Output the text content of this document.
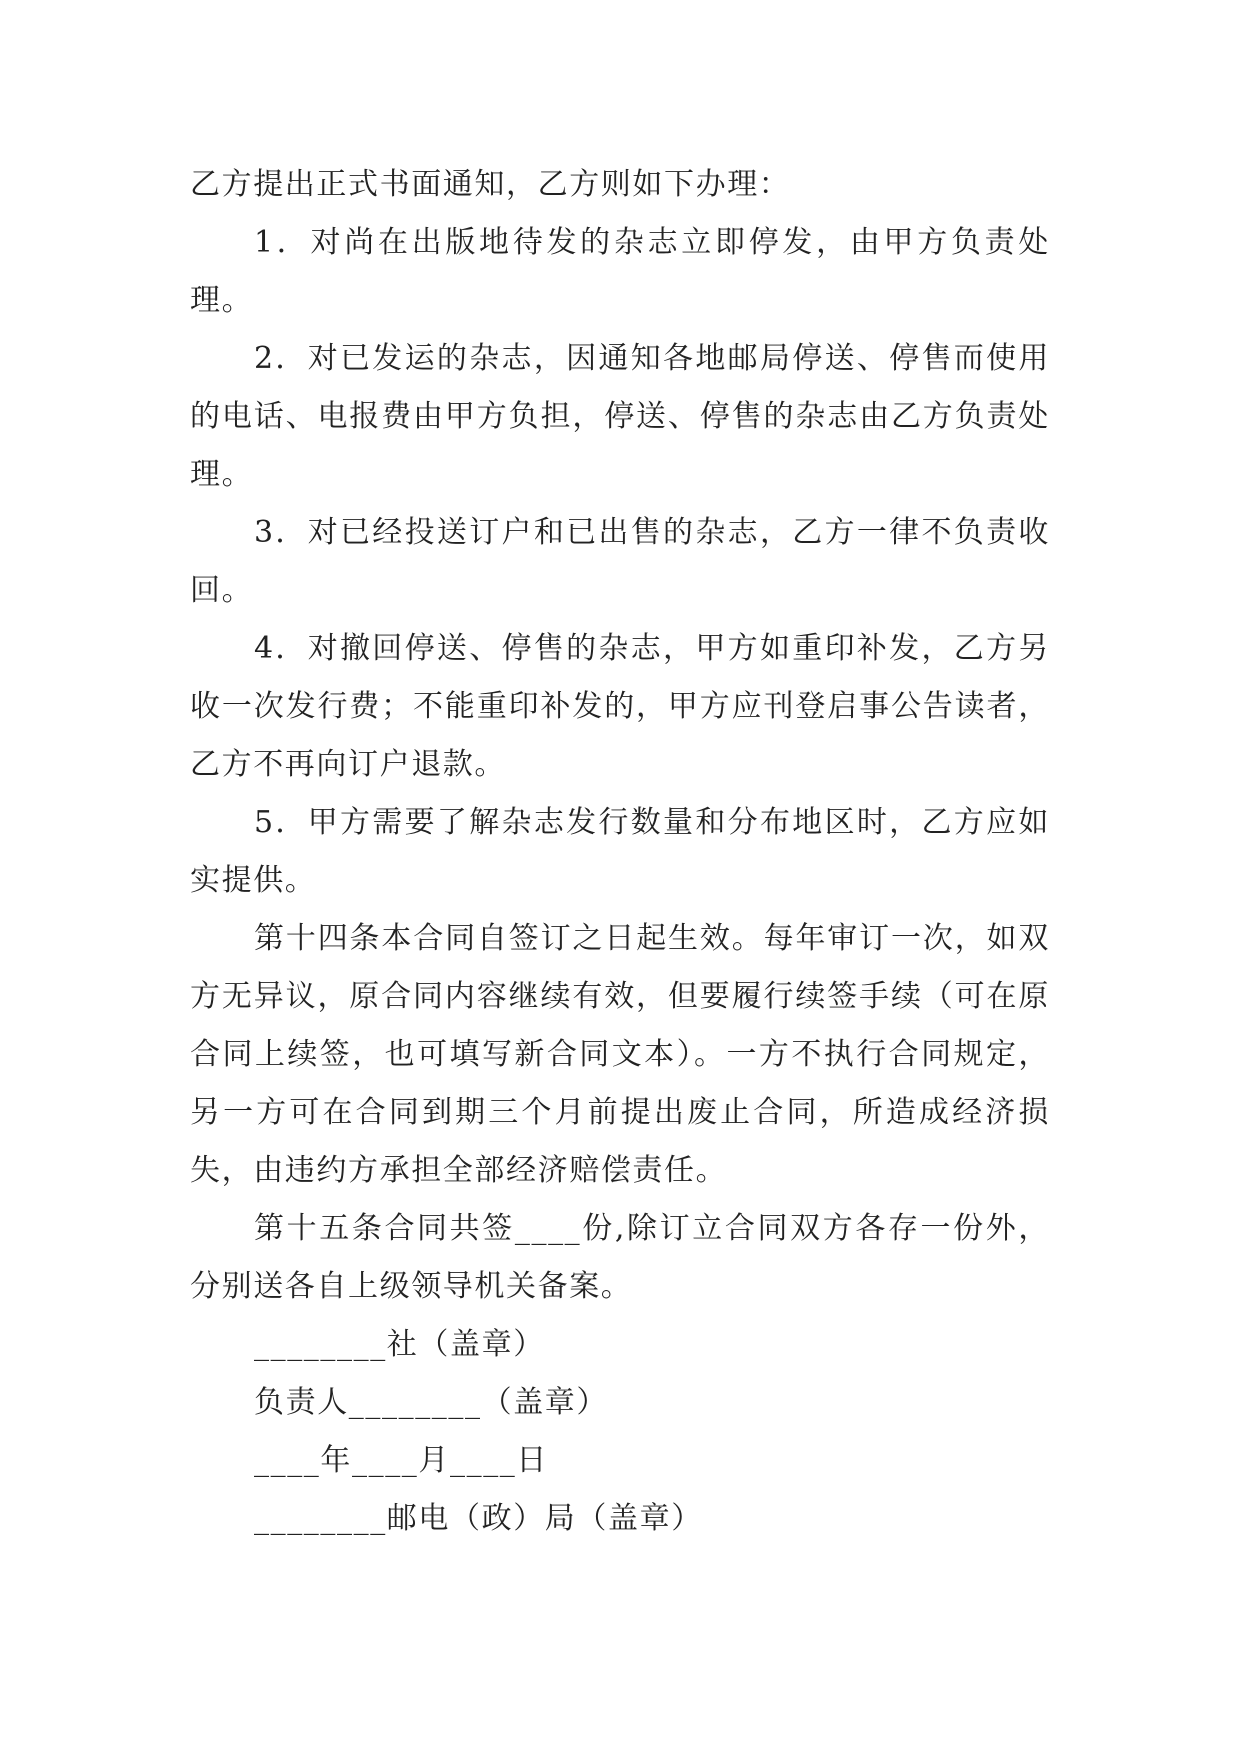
乙方提出正式书面通知，乙方则如下办理：

1．对尚在出版地待发的杂志立即停发，由甲方负责处理。

2．对已发运的杂志，因通知各地邮局停送、停售而使用的电话、电报费由甲方负担，停送、停售的杂志由乙方负责处理。

3．对已经投送订户和已出售的杂志，乙方一律不负责收回。

4．对撤回停送、停售的杂志，甲方如重印补发，乙方另收一次发行费；不能重印补发的，甲方应刊登启事公告读者，乙方不再向订户退款。

5．甲方需要了解杂志发行数量和分布地区时，乙方应如实提供。

第十四条本合同自签订之日起生效。每年审订一次，如双方无异议，原合同内容继续有效，但要履行续签手续（可在原合同上续签，也可填写新合同文本）。一方不执行合同规定，另一方可在合同到期三个月前提出废止合同，所造成经济损失，由违约方承担全部经济赔偿责任。

第十五条合同共签____份,除订立合同双方各存一份外，分别送各自上级领导机关备案。

________社（盖章）

负责人________（盖章）

____年____月____日

________邮电（政）局（盖章）
